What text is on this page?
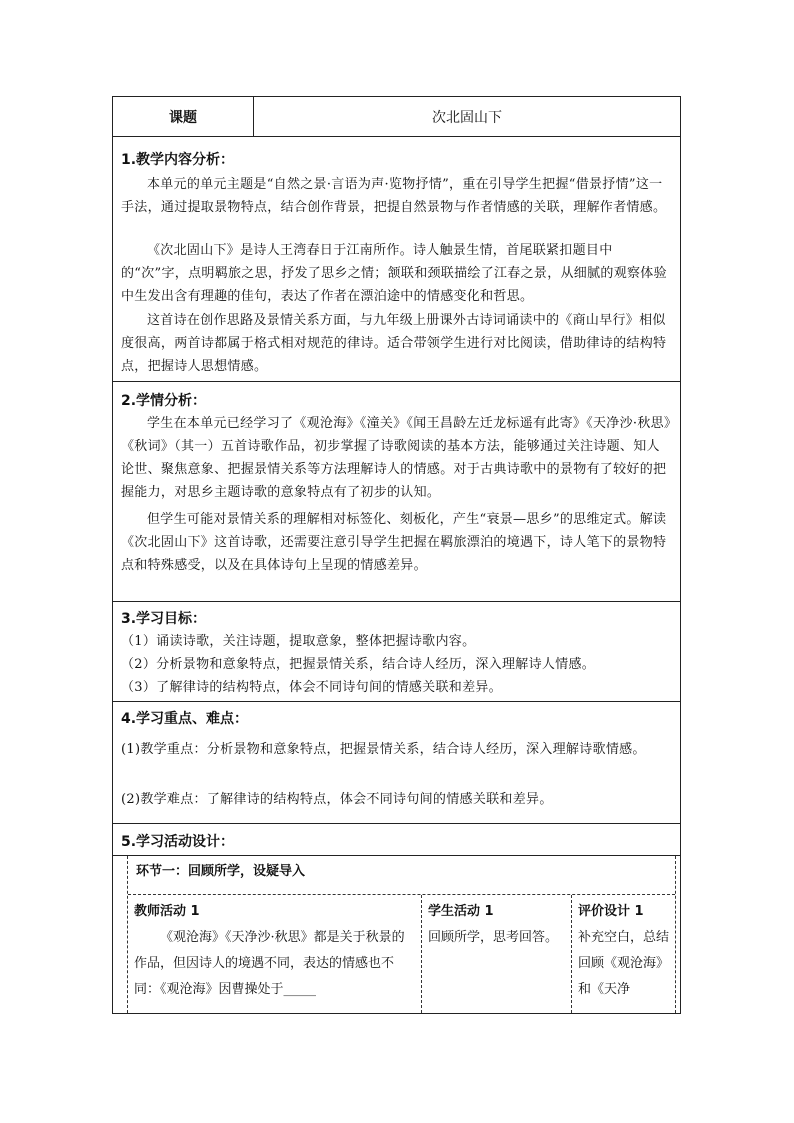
课题	次北固山下
1.教学内容分析：

本单元的单元主题是“自然之景·言语为声·览物抒情”，重在引导学生把握“借景抒情”这一手法，通过提取景物特点，结合创作背景，把提自然景物与作者情感的关联，理解作者情感。

《次北固山下》是诗人王湾春日于江南所作。诗人触景生情，首尾联紧扣题目中的“次”字，点明羁旅之思，抒发了思乡之情；颔联和颈联描绘了江春之景，从细腻的观察体验中生发出含有理趣的佳句，表达了作者在漂泊途中的情感变化和哲思。

这首诗在创作思路及景情关系方面，与九年级上册课外古诗词诵读中的《商山早行》相似度很高，两首诗都属于格式相对规范的律诗。适合带领学生进行对比阅读，借助律诗的结构特点，把握诗人思想情感。

2.学情分析：

学生在本单元已经学习了《观沧海》《潼关》《闻王昌龄左迁龙标遥有此寄》《天净沙·秋思》《秋词》（其一）五首诗歌作品，初步掌握了诗歌阅读的基本方法，能够通过关注诗题、知人论世、聚焦意象、把握景情关系等方法理解诗人的情感。对于古典诗歌中的景物有了较好的把握能力，对思乡主题诗歌的意象特点有了初步的认知。

但学生可能对景情关系的理解相对标签化、刻板化，产生“衰景—思乡”的思维定式。解读《次北固山下》这首诗歌，还需要注意引导学生把握在羁旅漂泊的境遇下，诗人笔下的景物特点和特殊感受，以及在具体诗句上呈现的情感差异。

3.学习目标：

（1）诵读诗歌，关注诗题，提取意象，整体把握诗歌内容。

（2）分析景物和意象特点，把握景情关系，结合诗人经历，深入理解诗人情感。

（3）了解律诗的结构特点，体会不同诗句间的情感关联和差异。

4.学习重点、难点：

(1)教学重点：分析景物和意象特点，把握景情关系，结合诗人经历，深入理解诗歌情感。

(2)教学难点：了解律诗的结构特点，体会不同诗句间的情感关联和差异。

5.学习活动设计：
环节一：回顾所学，设疑导入
教师活动 1

《观沧海》《天净沙·秋思》都是关于秋景的作品，但因诗人的境遇不同，表达的情感也不同：《观沧海》因曹操处于_____

学生活动 1

回顾所学，思考回答。

评价设计 1

补充空白，总结回顾《观沧海》和《天净
